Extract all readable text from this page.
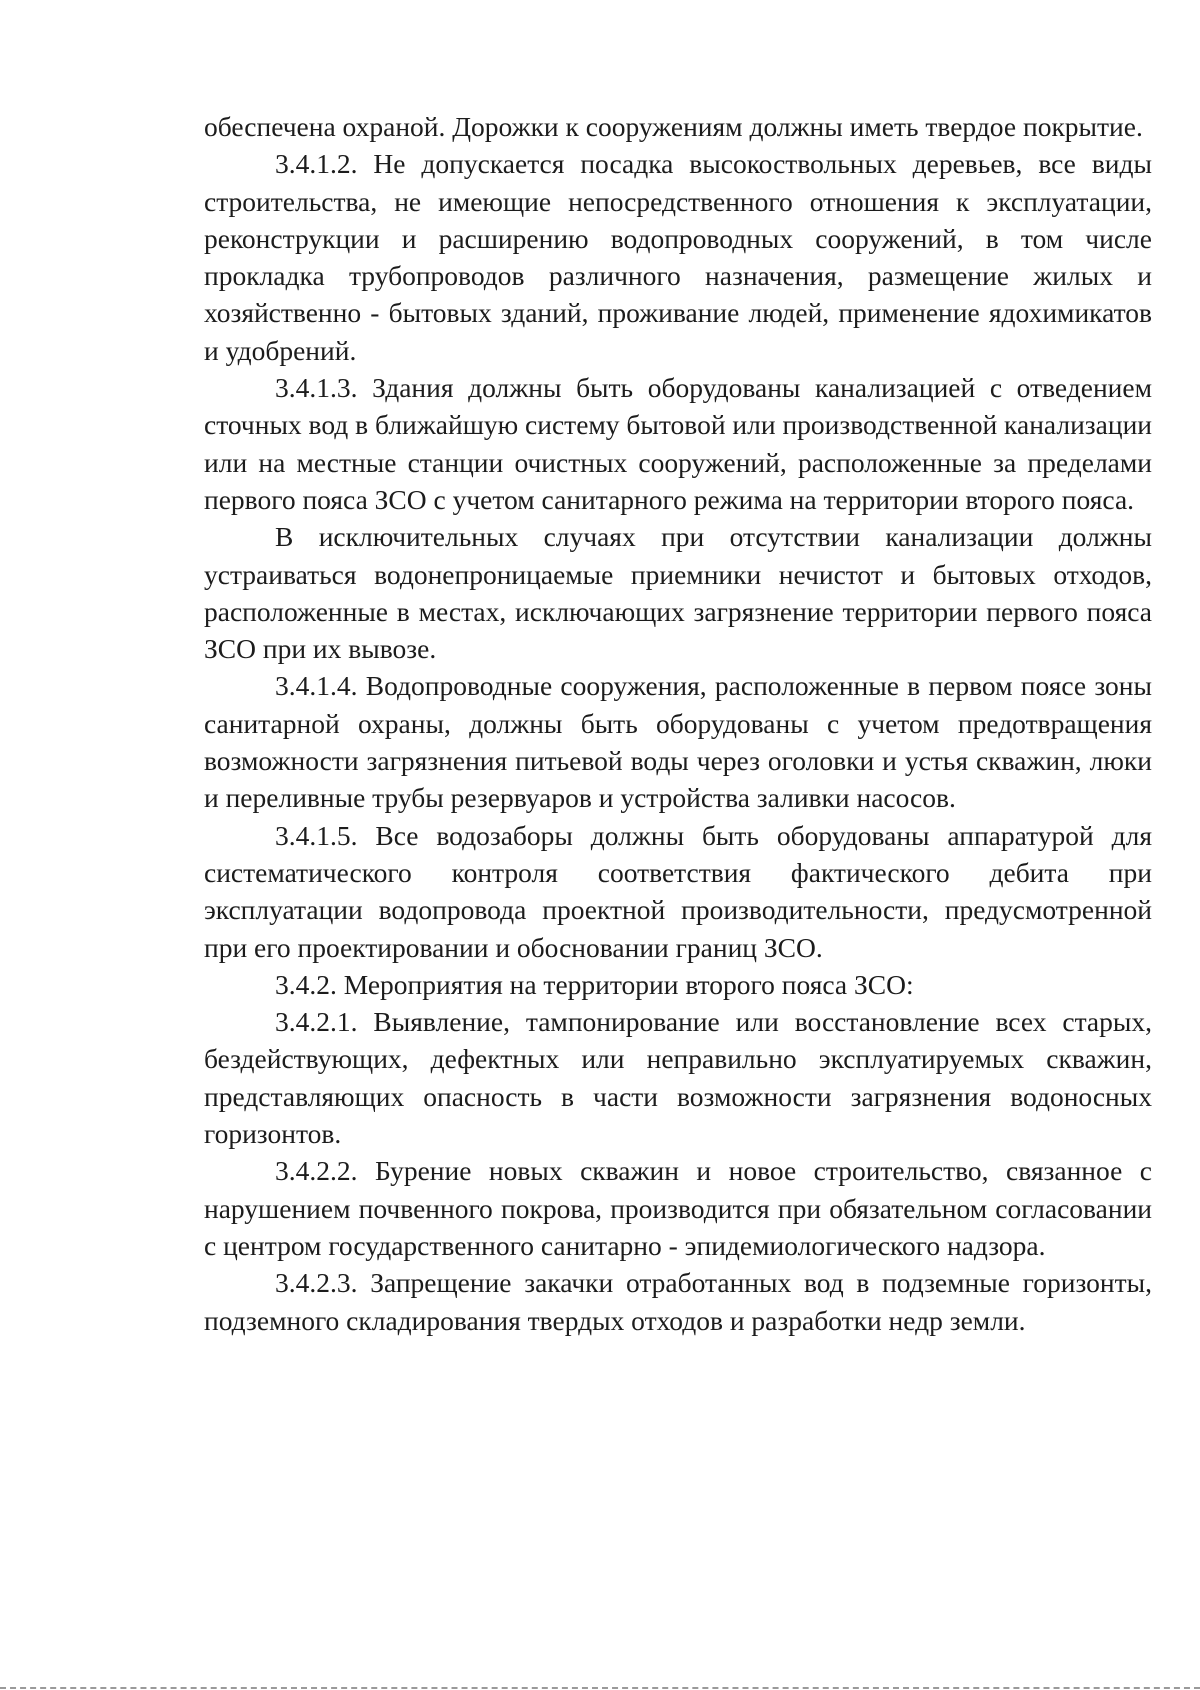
обеспечена охраной. Дорожки к сооружениям должны иметь твердое покрытие.

3.4.1.2. Не допускается посадка высокоствольных деревьев, все виды строительства, не имеющие непосредственного отношения к эксплуатации, реконструкции и расширению водопроводных сооружений, в том числе прокладка трубопроводов различного назначения, размещение жилых и хозяйственно - бытовых зданий, проживание людей, применение ядохимикатов и удобрений.

3.4.1.3. Здания должны быть оборудованы канализацией с отведением сточных вод в ближайшую систему бытовой или производственной канализации или на местные станции очистных сооружений, расположенные за пределами первого пояса ЗСО с учетом санитарного режима на территории второго пояса.

В исключительных случаях при отсутствии канализации должны устраиваться водонепроницаемые приемники нечистот и бытовых отходов, расположенные в местах, исключающих загрязнение территории первого пояса ЗСО при их вывозе.

3.4.1.4. Водопроводные сооружения, расположенные в первом поясе зоны санитарной охраны, должны быть оборудованы с учетом предотвращения возможности загрязнения питьевой воды через оголовки и устья скважин, люки и переливные трубы резервуаров и устройства заливки насосов.

3.4.1.5. Все водозаборы должны быть оборудованы аппаратурой для систематического контроля соответствия фактического дебита при эксплуатации водопровода проектной производительности, предусмотренной при его проектировании и обосновании границ ЗСО.

3.4.2. Мероприятия на территории второго пояса ЗСО:

3.4.2.1. Выявление, тампонирование или восстановление всех старых, бездействующих, дефектных или неправильно эксплуатируемых скважин, представляющих опасность в части возможности загрязнения водоносных горизонтов.

3.4.2.2. Бурение новых скважин и новое строительство, связанное с нарушением почвенного покрова, производится при обязательном согласовании с центром государственного санитарно - эпидемиологического надзора.

3.4.2.3. Запрещение закачки отработанных вод в подземные горизонты, подземного складирования твердых отходов и разработки недр земли.
